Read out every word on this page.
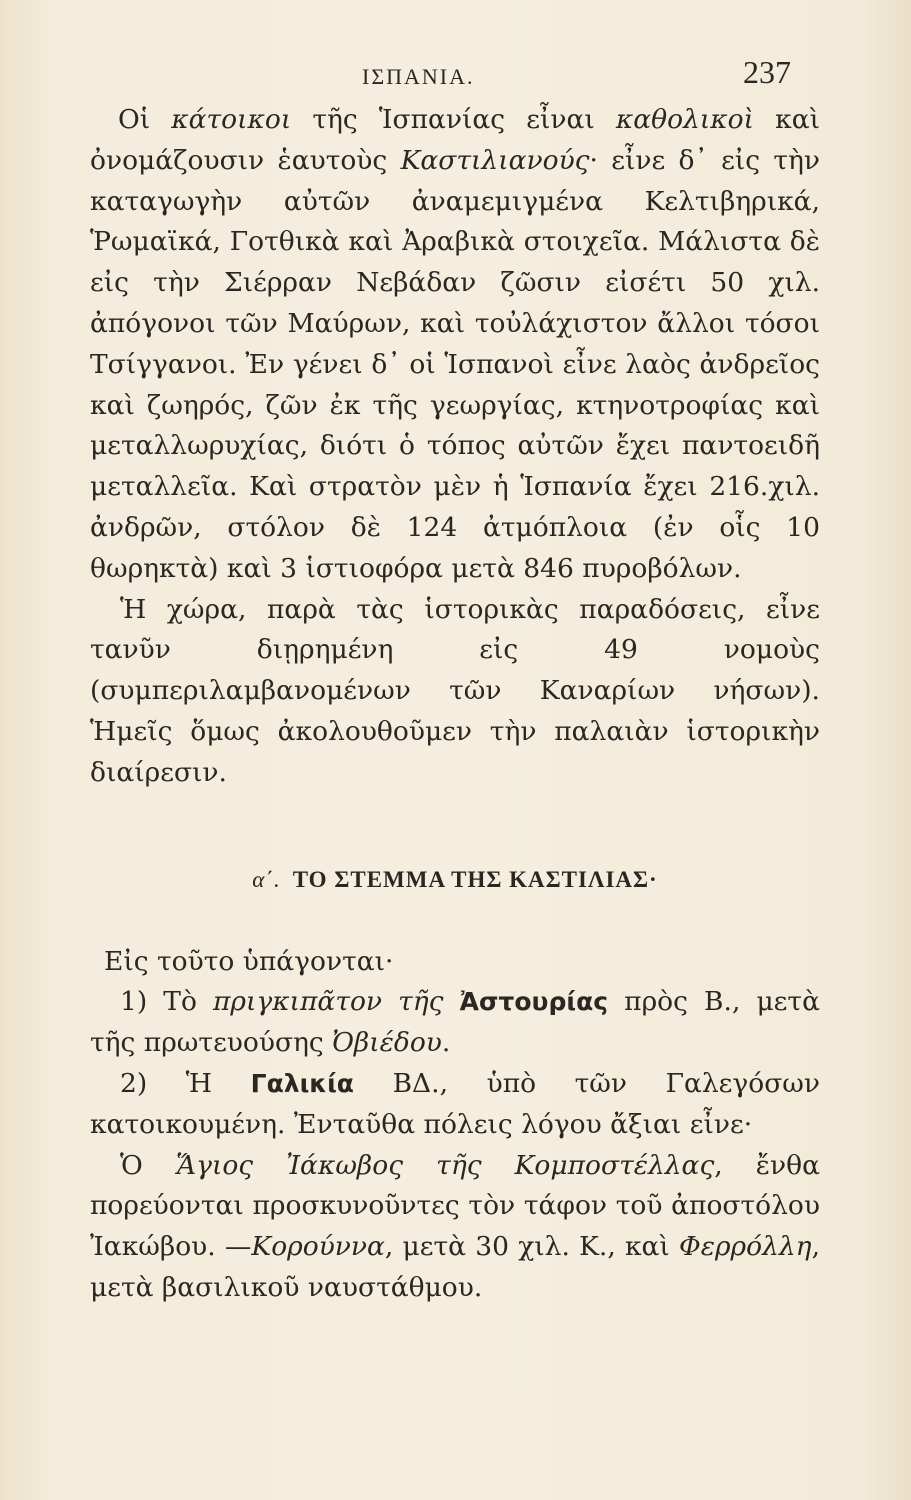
ΙΣΠΑΝΙΑ.	237

Οἱ κάτοικοι τῆς Ἱσπανίας εἶναι καθολικοὶ καὶ ὀνομάζουσιν ἑαυτοὺς Καστιλιανούς· εἶνε δ᾽ εἰς τὴν καταγωγὴν αὐτῶν ἀναμεμιγμένα Κελτιβηρικά, Ῥωμαϊκά, Γοτθικὰ καὶ Ἀραβικὰ στοιχεῖα. Μάλιστα δὲ εἰς τὴν Σιέρραν Νεβάδαν ζῶσιν εἰσέτι 50 χιλ. ἀπόγονοι τῶν Μαύρων, καὶ τοὐλάχιστον ἄλλοι τόσοι Τσίγγανοι. Ἐν γένει δ᾽ οἱ Ἱσπανοὶ εἶνε λαὸς ἀνδρεῖος καὶ ζωηρός, ζῶν ἐκ τῆς γεωργίας, κτηνοτροφίας καὶ μεταλλωρυχίας, διότι ὁ τόπος αὐτῶν ἔχει παντοειδῆ μεταλλεῖα. Καὶ στρατὸν μὲν ἡ Ἱσπανία ἔχει 216.χιλ. ἀνδρῶν, στόλον δὲ 124 ἀτμόπλοια (ἐν οἷς 10 θωρηκτὰ) καὶ 3 ἱστιοφόρα μετὰ 846 πυροβόλων.

Ἡ χώρα, παρὰ τὰς ἱστορικὰς παραδόσεις, εἶνε τανῦν διῃρημένη εἰς 49 νομοὺς (συμπεριλαμβανομένων τῶν Καναρίων νήσων). Ἡμεῖς ὅμως ἀκολουθοῦμεν τὴν παλαιὰν ἱστορικὴν διαίρεσιν.

α΄. ΤΟ ΣΤΕΜΜΑ ΤΗΣ ΚΑΣΤΙΛΙΑΣ·

Εἰς τοῦτο ὑπάγονται·

1) Τὸ πριγκιπᾶτον τῆς Ἀστουρίας πρὸς Β., μετὰ τῆς πρωτευούσης Ὀβιέδου.

2) Ἡ Γαλικία ΒΔ., ὑπὸ τῶν Γαλεγόσων κατοικουμένη. Ἐνταῦθα πόλεις λόγου ἄξιαι εἶνε·

Ὁ Ἅγιος Ἰάκωβος τῆς Κομποστέλλας, ἔνθα πορεύονται προσκυνοῦντες τὸν τάφον τοῦ ἀποστόλου Ἰακώβου. —Κορούννα, μετὰ 30 χιλ. Κ., καὶ Φερρόλλη, μετὰ βασιλικοῦ ναυστάθμου.
